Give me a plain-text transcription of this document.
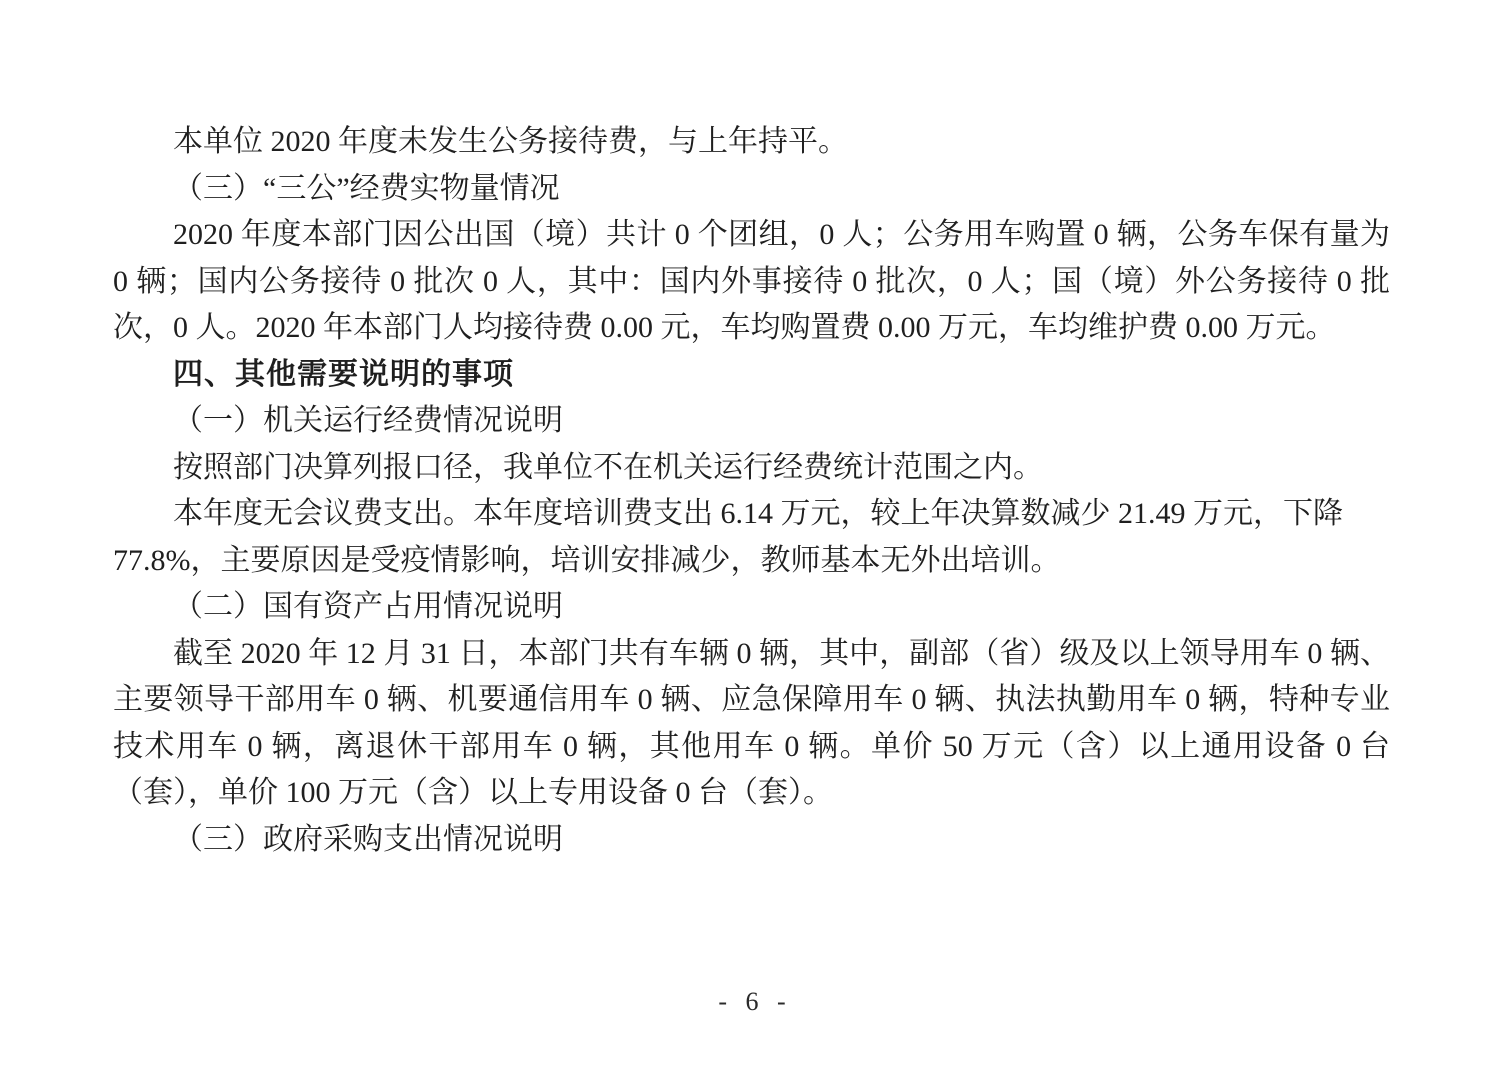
本单位 2020 年度未发生公务接待费，与上年持平。

（三）“三公”经费实物量情况

2020 年度本部门因公出国（境）共计 0 个团组，0 人；公务用车购置 0 辆，公务车保有量为 0 辆；国内公务接待 0 批次 0 人，其中：国内外事接待 0 批次，0 人；国（境）外公务接待 0 批次，0 人。2020 年本部门人均接待费 0.00 元，车均购置费 0.00 万元，车均维护费 0.00 万元。

四、其他需要说明的事项

（一）机关运行经费情况说明

按照部门决算列报口径，我单位不在机关运行经费统计范围之内。

本年度无会议费支出。本年度培训费支出 6.14 万元，较上年决算数减少 21.49 万元，下降 77.8%，主要原因是受疫情影响，培训安排减少，教师基本无外出培训。

（二）国有资产占用情况说明

截至 2020 年 12 月 31 日，本部门共有车辆 0 辆，其中，副部（省）级及以上领导用车 0 辆、主要领导干部用车 0 辆、机要通信用车 0 辆、应急保障用车 0 辆、执法执勤用车 0 辆，特种专业技术用车 0 辆，离退休干部用车 0 辆，其他用车 0 辆。单价 50 万元（含）以上通用设备 0 台（套），单价 100 万元（含）以上专用设备 0 台（套）。

（三）政府采购支出情况说明

- 6 -
